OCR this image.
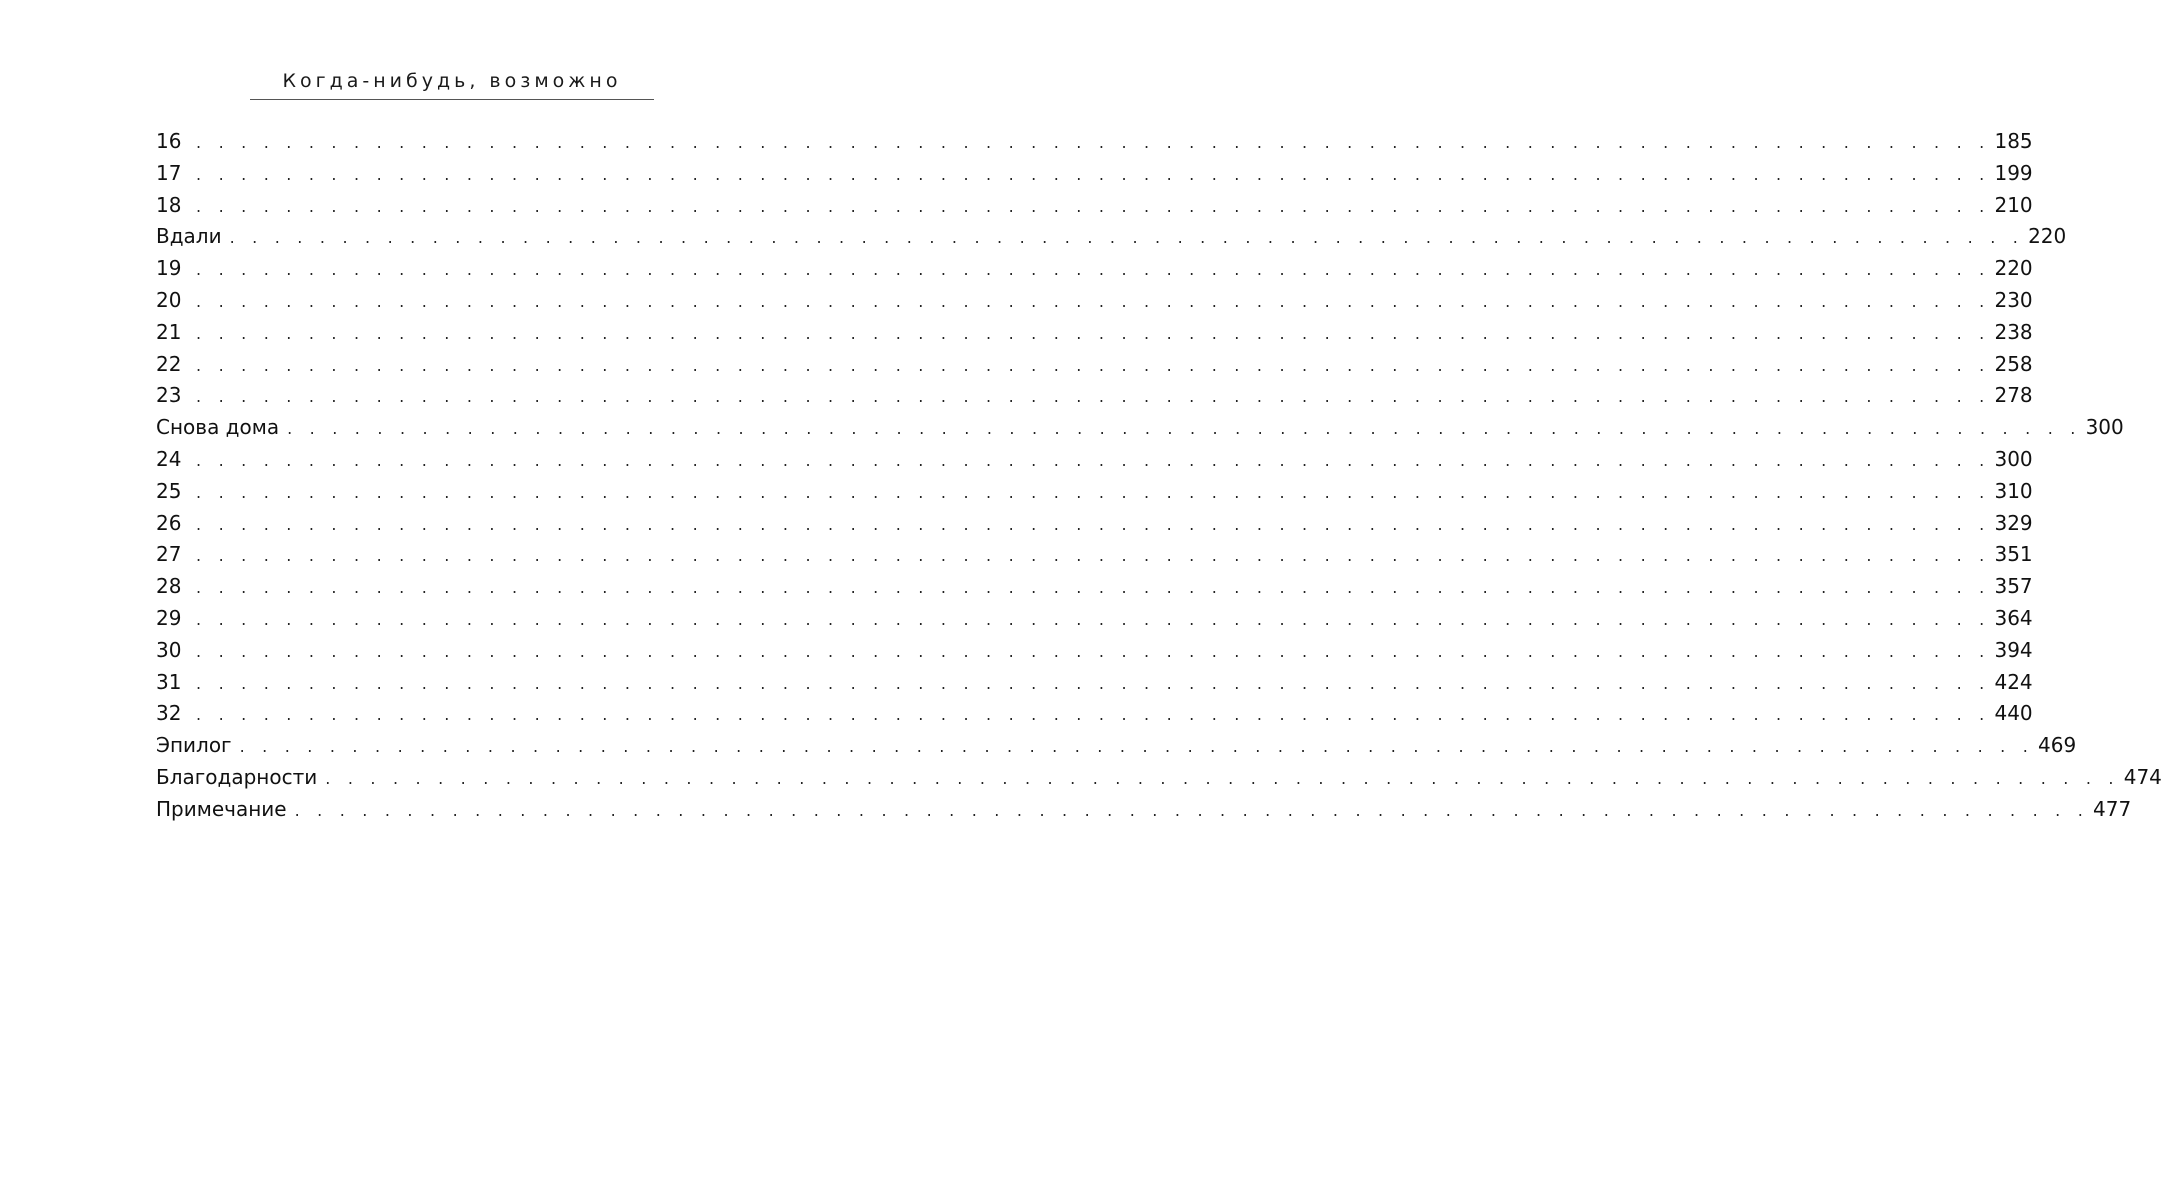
Когда-нибудь, возможно
16 . . . . . . . . . . . . . . . . . . . . . . . . . . . . . . . . . . . . . . . . . . . . . . . . . . . . . . . . . . . . . . . . . . . . . . . . . . . . . . . . 185
17 . . . . . . . . . . . . . . . . . . . . . . . . . . . . . . . . . . . . . . . . . . . . . . . . . . . . . . . . . . . . . . . . . . . . . . . . . . . . . . . . 199
18 . . . . . . . . . . . . . . . . . . . . . . . . . . . . . . . . . . . . . . . . . . . . . . . . . . . . . . . . . . . . . . . . . . . . . . . . . . . . . . . . 210
Вдали . . . . . . . . . . . . . . . . . . . . . . . . . . . . . . . . . . . . . . . . . . . . . . . . . . . . . . . . . . . . . . . . . . . . . . . . . . . . . . . . 220
19 . . . . . . . . . . . . . . . . . . . . . . . . . . . . . . . . . . . . . . . . . . . . . . . . . . . . . . . . . . . . . . . . . . . . . . . . . . . . . . . . 220
20 . . . . . . . . . . . . . . . . . . . . . . . . . . . . . . . . . . . . . . . . . . . . . . . . . . . . . . . . . . . . . . . . . . . . . . . . . . . . . . . . 230
21 . . . . . . . . . . . . . . . . . . . . . . . . . . . . . . . . . . . . . . . . . . . . . . . . . . . . . . . . . . . . . . . . . . . . . . . . . . . . . . . . 238
22 . . . . . . . . . . . . . . . . . . . . . . . . . . . . . . . . . . . . . . . . . . . . . . . . . . . . . . . . . . . . . . . . . . . . . . . . . . . . . . . . 258
23 . . . . . . . . . . . . . . . . . . . . . . . . . . . . . . . . . . . . . . . . . . . . . . . . . . . . . . . . . . . . . . . . . . . . . . . . . . . . . . . . 278
Снова дома . . . . . . . . . . . . . . . . . . . . . . . . . . . . . . . . . . . . . . . . . . . . . . . . . . . . . . . . . . . . . . . . . . . . . . . . . . . . . . . . 300
24 . . . . . . . . . . . . . . . . . . . . . . . . . . . . . . . . . . . . . . . . . . . . . . . . . . . . . . . . . . . . . . . . . . . . . . . . . . . . . . . . 300
25 . . . . . . . . . . . . . . . . . . . . . . . . . . . . . . . . . . . . . . . . . . . . . . . . . . . . . . . . . . . . . . . . . . . . . . . . . . . . . . . . 310
26 . . . . . . . . . . . . . . . . . . . . . . . . . . . . . . . . . . . . . . . . . . . . . . . . . . . . . . . . . . . . . . . . . . . . . . . . . . . . . . . . 329
27 . . . . . . . . . . . . . . . . . . . . . . . . . . . . . . . . . . . . . . . . . . . . . . . . . . . . . . . . . . . . . . . . . . . . . . . . . . . . . . . . 351
28 . . . . . . . . . . . . . . . . . . . . . . . . . . . . . . . . . . . . . . . . . . . . . . . . . . . . . . . . . . . . . . . . . . . . . . . . . . . . . . . . 357
29 . . . . . . . . . . . . . . . . . . . . . . . . . . . . . . . . . . . . . . . . . . . . . . . . . . . . . . . . . . . . . . . . . . . . . . . . . . . . . . . . 364
30 . . . . . . . . . . . . . . . . . . . . . . . . . . . . . . . . . . . . . . . . . . . . . . . . . . . . . . . . . . . . . . . . . . . . . . . . . . . . . . . . 394
31 . . . . . . . . . . . . . . . . . . . . . . . . . . . . . . . . . . . . . . . . . . . . . . . . . . . . . . . . . . . . . . . . . . . . . . . . . . . . . . . . 424
32 . . . . . . . . . . . . . . . . . . . . . . . . . . . . . . . . . . . . . . . . . . . . . . . . . . . . . . . . . . . . . . . . . . . . . . . . . . . . . . . . 440
Эпилог . . . . . . . . . . . . . . . . . . . . . . . . . . . . . . . . . . . . . . . . . . . . . . . . . . . . . . . . . . . . . . . . . . . . . . . . . . . . . . . . 469
Благодарности . . . . . . . . . . . . . . . . . . . . . . . . . . . . . . . . . . . . . . . . . . . . . . . . . . . . . . . . . . . . . . . . . . . . . . . . . . . . . . . . 474
Примечание . . . . . . . . . . . . . . . . . . . . . . . . . . . . . . . . . . . . . . . . . . . . . . . . . . . . . . . . . . . . . . . . . . . . . . . . . . . . . . . . 477
